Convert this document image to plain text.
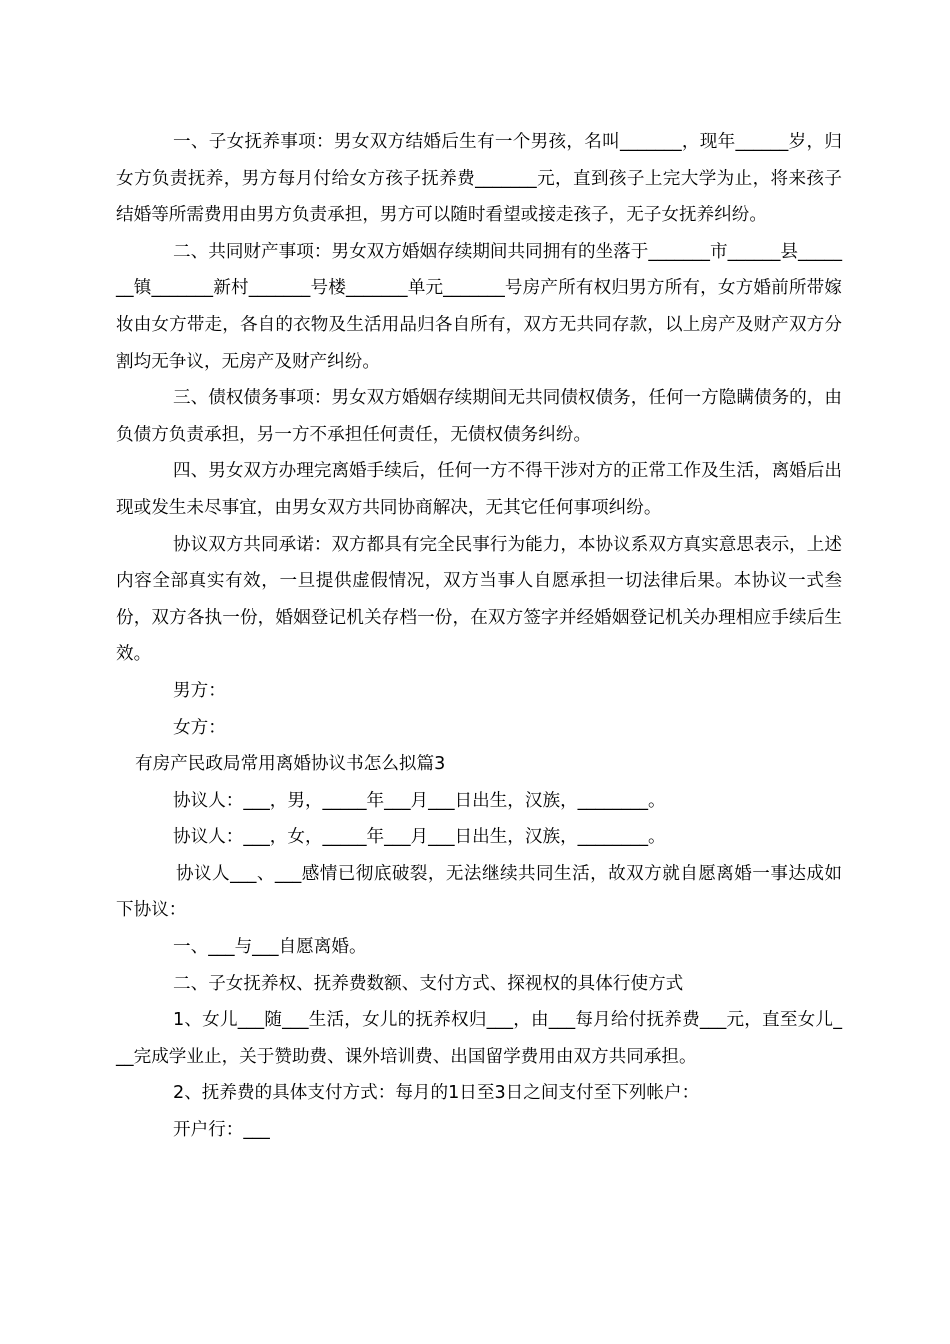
一、子女抚养事项：男女双方结婚后生有一个男孩，名叫_______，现年______岁，归女方负责抚养，男方每月付给女方孩子抚养费_______元，直到孩子上完大学为止，将来孩子结婚等所需费用由男方负责承担，男方可以随时看望或接走孩子，无子女抚养纠纷。

二、共同财产事项：男女双方婚姻存续期间共同拥有的坐落于_______市______县_______镇_______新村_______号楼_______单元_______号房产所有权归男方所有，女方婚前所带嫁妆由女方带走，各自的衣物及生活用品归各自所有，双方无共同存款，以上房产及财产双方分割均无争议，无房产及财产纠纷。

三、债权债务事项：男女双方婚姻存续期间无共同债权债务，任何一方隐瞒债务的，由负债方负责承担，另一方不承担任何责任，无债权债务纠纷。

四、男女双方办理完离婚手续后，任何一方不得干涉对方的正常工作及生活，离婚后出现或发生未尽事宜，由男女双方共同协商解决，无其它任何事项纠纷。

协议双方共同承诺：双方都具有完全民事行为能力，本协议系双方真实意思表示，上述内容全部真实有效，一旦提供虚假情况，双方当事人自愿承担一切法律后果。本协议一式叁份，双方各执一份，婚姻登记机关存档一份，在双方签字并经婚姻登记机关办理相应手续后生效。

男方：

女方：

有房产民政局常用离婚协议书怎么拟篇3

协议人：___，男，_____年___月___日出生，汉族，________。

协议人：___，女，_____年___月___日出生，汉族，________。

协议人___、___感情已彻底破裂，无法继续共同生活，故双方就自愿离婚一事达成如下协议：

一、___与___自愿离婚。

二、子女抚养权、抚养费数额、支付方式、探视权的具体行使方式

1、女儿___随___生活，女儿的抚养权归___，由___每月给付抚养费___元，直至女儿___完成学业止，关于赞助费、课外培训费、出国留学费用由双方共同承担。

2、抚养费的具体支付方式：每月的1日至3日之间支付至下列帐户：

开户行：___
